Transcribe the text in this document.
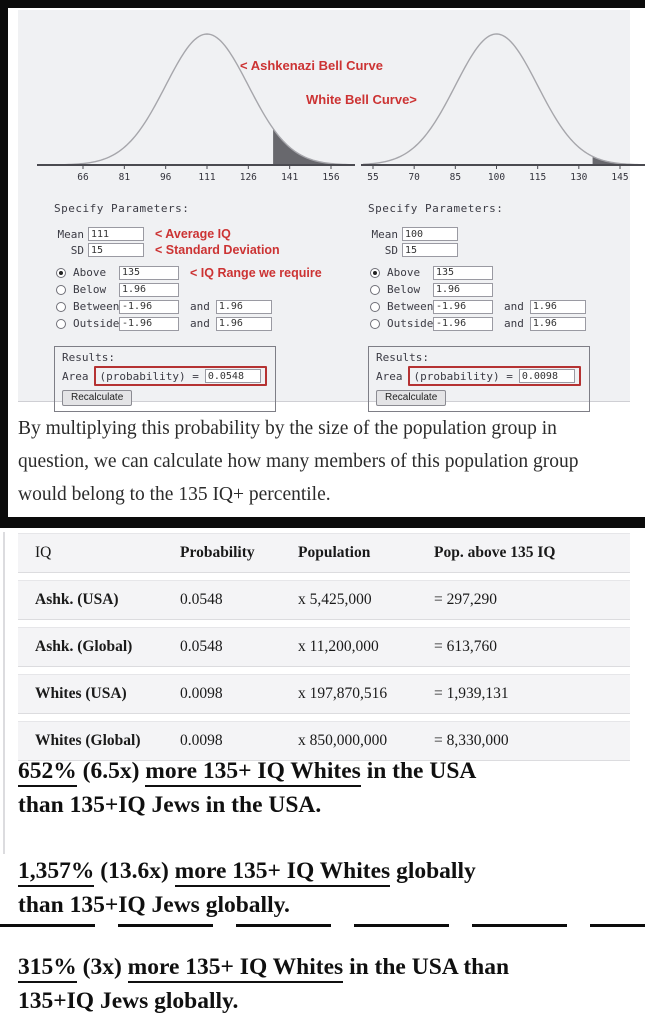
66	81	96	111	126	141	156	55	70	85	100	115	130	145
< Ashkenazi Bell Curve
White Bell Curve>
Specify Parameters:
Mean
111	< Average IQ
SD
15	< Standard Deviation
Above
135	< IQ Range we require
Below
1.96
Between
-1.96	and
1.96
Outside
-1.96	and
1.96
Results:
Area (probability) =
0.0548
Recalculate
Specify Parameters:
Mean
100
SD
15
Above
135
Below
1.96
Between
-1.96	and
1.96
Outside
-1.96	and
1.96
Results:
Area (probability) =
0.0098
Recalculate

By multiplying this probability by the size of the population group in question, we can calculate how many members of this population group would belong to the 135 IQ+ percentile.

IQ	Probability	Population	Pop. above 135 IQ
Ashk. (USA)	0.0548	x 5,425,000	= 297,290
Ashk. (Global)	0.0548	x 11,200,000	= 613,760
Whites (USA)	0.0098	x 197,870,516	= 1,939,131
Whites (Global)	0.0098	x 850,000,000	= 8,330,000
652% (6.5x) more 135+ IQ Whites in the USA
than 135+IQ Jews in the USA.
1,357% (13.6x) more 135+ IQ Whites globally
than 135+IQ Jews globally.
315% (3x) more 135+ IQ Whites in the USA than
135+IQ Jews globally.
